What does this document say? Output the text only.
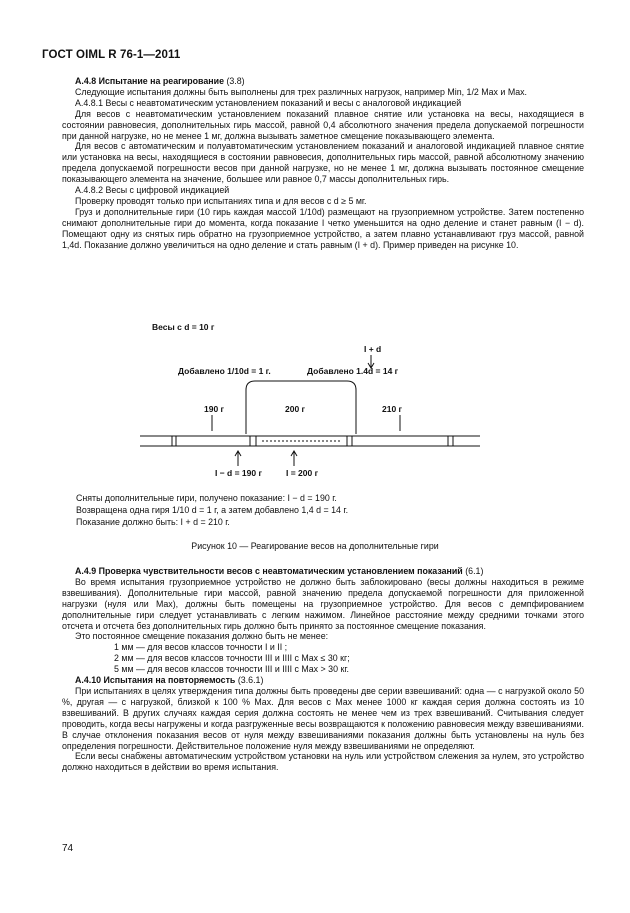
ГОСТ OIML R 76-1—2011

А.4.8 Испытание на реагирование (3.8)

Следующие испытания должны быть выполнены для трех различных нагрузок, например Min, 1/2 Max и Max.

А.4.8.1 Весы с неавтоматическим установлением показаний и весы с аналоговой индикацией

Для весов с неавтоматическим установлением показаний плавное снятие или установка на весы, находящиеся в состоянии равновесия, дополнительных гирь массой, равной 0,4 абсолютного значения предела допускаемой погрешности при данной нагрузке, но не менее 1 мг, должна вызывать заметное смещение показывающего элемента.

Для весов с автоматическим и полуавтоматическим установлением показаний и аналоговой индикацией плавное снятие или установка на весы, находящиеся в состоянии равновесия, дополнительных гирь массой, равной абсолютному значению предела допускаемой погрешности весов при данной нагрузке, но не менее 1 мг, должна вызывать постоянное смещение показывающего элемента на значение, большее или равное 0,7 массы дополнительных гирь.

А.4.8.2 Весы с цифровой индикацией

Проверку проводят только при испытаниях типа и для весов с d ≥ 5 мг.

Груз и дополнительные гири (10 гирь каждая массой 1/10d) размещают на грузоприемном устройстве. Затем постепенно снимают дополнительные гири до момента, когда показание I четко уменьшится на одно деление и станет равным (I − d). Помещают одну из снятых гирь обратно на грузоприемное устройство, а затем плавно устанавливают груз массой, равной 1,4d. Показание должно увеличиться на одно деление и стать равным (I + d). Пример приведен на рисунке 10.

Весы с d = 10 г
I + d
Добавлено 1/10d = 1 г.	Добавлено 1.4d = 14 г
190 г	200 г	210 г
I − d = 190 г	I = 200 г
Сняты дополнительные гири, получено показание: I − d = 190 г.
Возвращена одна гиря 1/10 d = 1 г, а затем добавлено 1,4 d = 14 г.
Показание должно быть: I + d = 210 г.
Рисунок 10 — Реагирование весов на дополнительные гири

А.4.9 Проверка чувствительности весов с неавтоматическим установлением показаний (6.1)

Во время испытания грузоприемное устройство не должно быть заблокировано (весы должны находиться в режиме взвешивания). Дополнительные гири массой, равной значению предела допускаемой погрешности для приложенной нагрузки (нуля или Max), должны быть помещены на грузоприемное устройство. Для весов с демпфированием дополнительные гири следует устанавливать с легким нажимом. Линейное расстояние между средними точками этого отсчета и отсчета без дополнительных гирь должно быть принято за постоянное смещение показания.

Это постоянное смещение показания должно быть не менее:

1 мм — для весов классов точности I и II ;

2 мм — для весов классов точности III и IIII с Max ≤ 30 кг;

5 мм — для весов классов точности III и IIII с Max > 30 кг.

А.4.10 Испытания на повторяемость (3.6.1)

При испытаниях в целях утверждения типа должны быть проведены две серии взвешиваний: одна — с нагрузкой около 50 %, другая — с нагрузкой, близкой к 100 % Max. Для весов с Max менее 1000 кг каждая серия должна состоять из 10 взвешиваний. В других случаях каждая серия должна состоять не менее чем из трех взвешиваний. Считывания следует проводить, когда весы нагружены и когда разгруженные весы возвращаются к положению равновесия между взвешиваниями. В случае отклонения показания весов от нуля между взвешиваниями показания должны быть установлены на нуль без определения погрешности. Действительное положение нуля между взвешиваниями не определяют.

Если весы снабжены автоматическим устройством установки на нуль или устройством слежения за нулем, это устройство должно находиться в действии во время испытания.

74
